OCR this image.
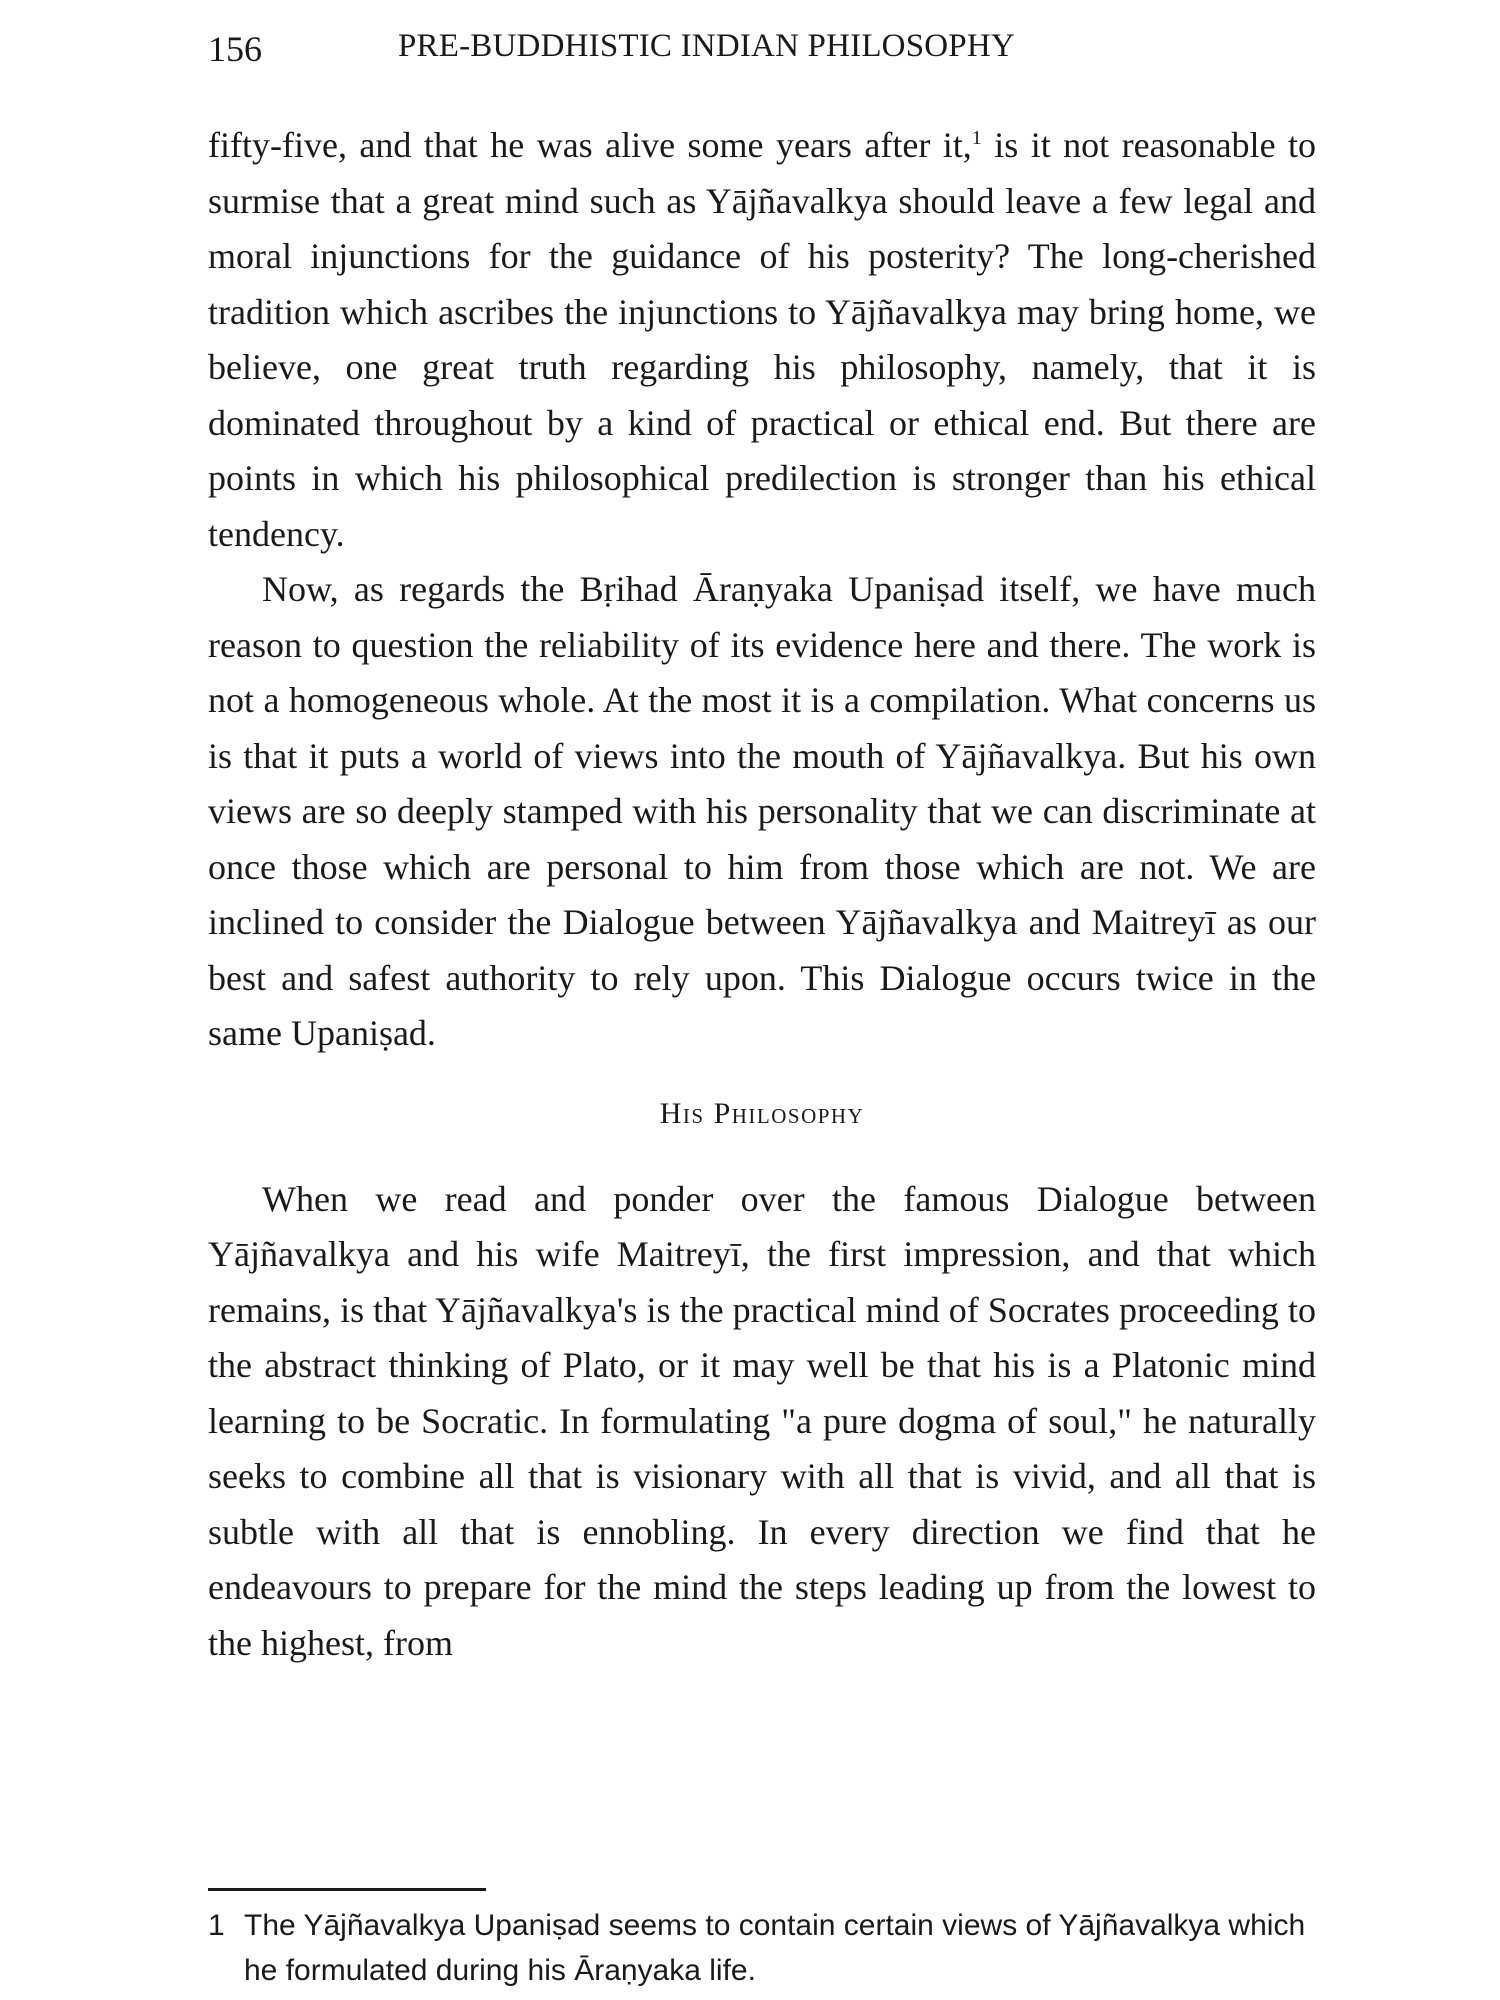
156	PRE-BUDDHISTIC INDIAN PHILOSOPHY

fifty-five, and that he was alive some years after it,$^1$ is it not reasonable to surmise that a great mind such as Yājñavalkya should leave a few legal and moral injunctions for the guidance of his posterity? The long-cherished tradition which ascribes the injunctions to Yājñavalkya may bring home, we believe, one great truth regarding his philosophy, namely, that it is dominated throughout by a kind of practical or ethical end. But there are points in which his philosophical predilection is stronger than his ethical tendency.

Now, as regards the Bṛihad Āraṇyaka Upaniṣad itself, we have much reason to question the reliability of its evidence here and there. The work is not a homogeneous whole. At the most it is a compilation. What concerns us is that it puts a world of views into the mouth of Yājñavalkya. But his own views are so deeply stamped with his personality that we can discriminate at once those which are personal to him from those which are not. We are inclined to consider the Dialogue between Yājñavalkya and Maitreyī as our best and safest authority to rely upon. This Dialogue occurs twice in the same Upaniṣad.

His Philosophy

When we read and ponder over the famous Dialogue between Yājñavalkya and his wife Maitreyī, the first impression, and that which remains, is that Yājñavalkya's is the practical mind of Socrates proceeding to the abstract thinking of Plato, or it may well be that his is a Platonic mind learning to be Socratic. In formulating "a pure dogma of soul," he naturally seeks to combine all that is visionary with all that is vivid, and all that is subtle with all that is ennobling. In every direction we find that he endeavours to prepare for the mind the steps leading up from the lowest to the highest, from

1 The Yājñavalkya Upaniṣad seems to contain certain views of Yājñavalkya which he formulated during his Āraṇyaka life.
